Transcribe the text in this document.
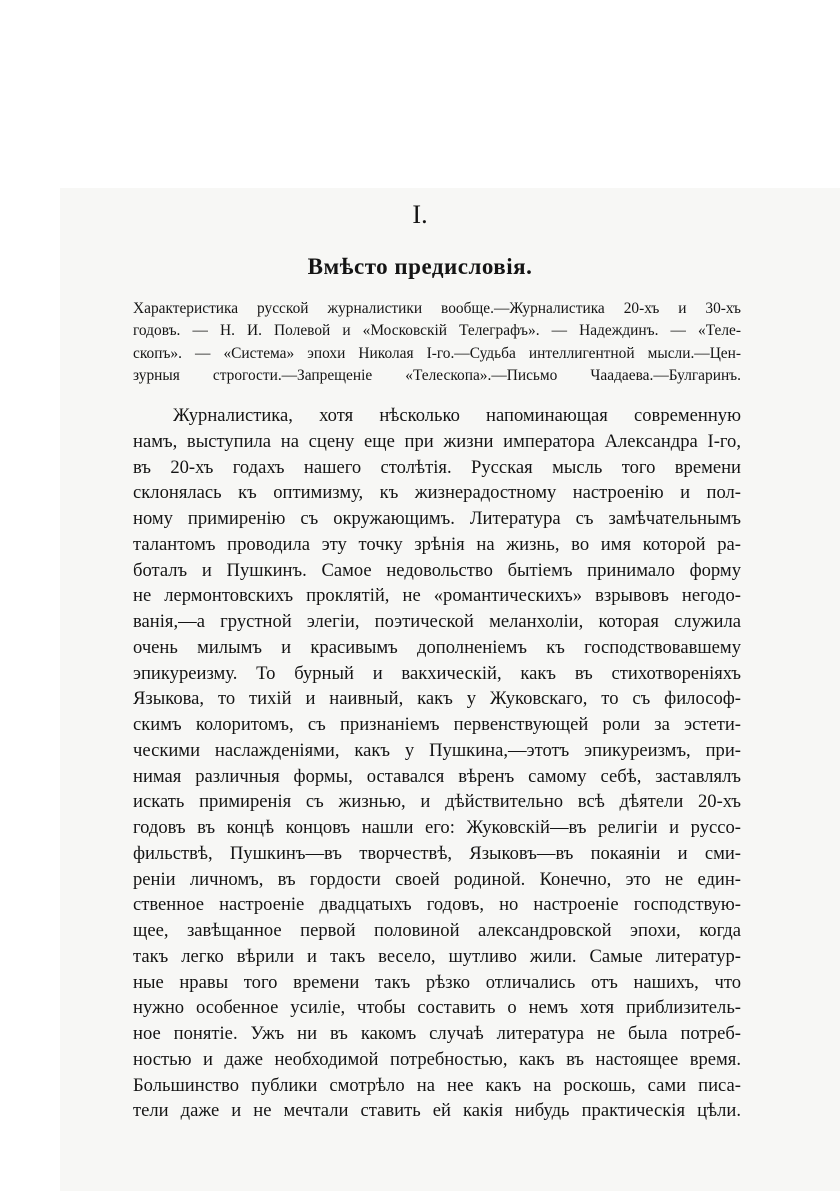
I.
Вмѣсто предисловія.
Характеристика русской журналистики вообще.—Журналистика 20-хъ и 30-хъ
годовъ. — Н. И. Полевой и «Московскій Телеграфъ». — Надеждинъ. — «Теле-
скопъ». — «Система» эпохи Николая I-го.—Судьба интеллигентной мысли.—Цен-
зурныя строгости.—Запрещеніе «Телескопа».—Письмо Чаадаева.—Булгаринъ.
Журналистика, хотя нѣсколько напоминающая современную
намъ, выступила на сцену еще при жизни императора Александра I-го,
въ 20-хъ годахъ нашего столѣтія. Русская мысль того времени
склонялась къ оптимизму, къ жизнерадостному настроенію и пол-
ному примиренію съ окружающимъ. Литература съ замѣчательнымъ
талантомъ проводила эту точку зрѣнія на жизнь, во имя которой ра-
боталъ и Пушкинъ. Самое недовольство бытіемъ принимало форму
не лермонтовскихъ проклятій, не «романтическихъ» взрывовъ негодо-
ванія,—а грустной элегіи, поэтической меланхоліи, которая служила
очень милымъ и красивымъ дополненіемъ къ господствовавшему
эпикуреизму. То бурный и вакхическій, какъ въ стихотвореніяхъ
Языкова, то тихій и наивный, какъ у Жуковскаго, то съ философ-
скимъ колоритомъ, съ признаніемъ первенствующей роли за эстети-
ческими наслажденіями, какъ у Пушкина,—этотъ эпикуреизмъ, при-
нимая различныя формы, оставался вѣренъ самому себѣ, заставлялъ
искать примиренія съ жизнью, и дѣйствительно всѣ дѣятели 20-хъ
годовъ въ концѣ концовъ нашли его: Жуковскій—въ религіи и руссо-
фильствѣ, Пушкинъ—въ творчествѣ, Языковъ—въ покаяніи и сми-
реніи личномъ, въ гордости своей родиной. Конечно, это не един-
ственное настроеніе двадцатыхъ годовъ, но настроеніе господствую-
щее, завѣщанное первой половиной александровской эпохи, когда
такъ легко вѣрили и такъ весело, шутливо жили. Самые литератур-
ные нравы того времени такъ рѣзко отличались отъ нашихъ, что
нужно особенное усиліе, чтобы составить о немъ хотя приблизитель-
ное понятіе. Ужъ ни въ какомъ случаѣ литература не была потреб-
ностью и даже необходимой потребностью, какъ въ настоящее время.
Большинство публики смотрѣло на нее какъ на роскошь, сами писа-
тели даже и не мечтали ставить ей какія нибудь практическія цѣли.
